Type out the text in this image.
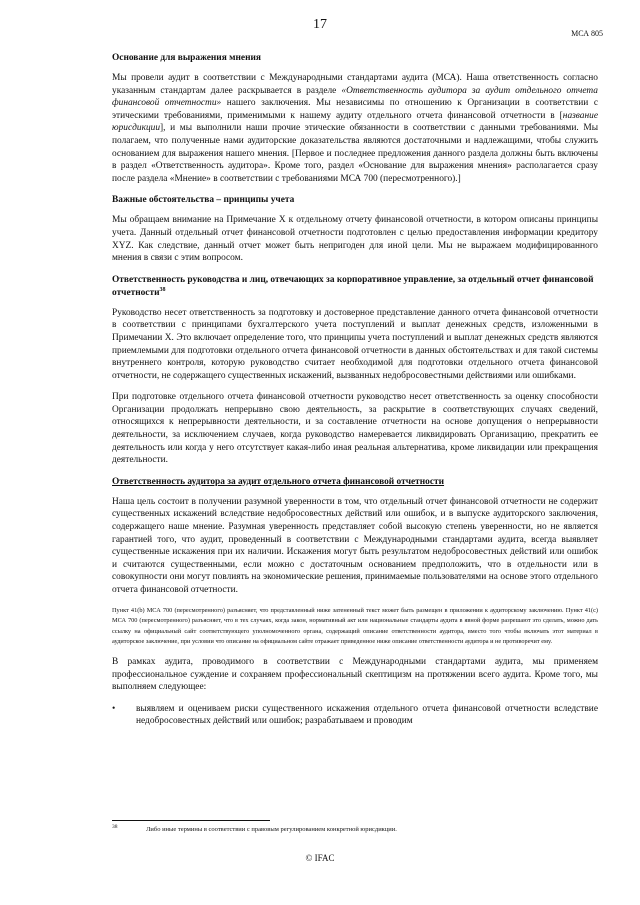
17
МСА 805
Основание для выражения мнения

Мы провели аудит в соответствии с Международными стандартами аудита (МСА). Наша ответственность согласно указанным стандартам далее раскрывается в разделе «Ответственность аудитора за аудит отдельного отчета финансовой отчетности» нашего заключения. Мы независимы по отношению к Организации в соответствии с этическими требованиями, применимыми к нашему аудиту отдельного отчета финансовой отчетности в [название юрисдикции], и мы выполнили наши прочие этические обязанности в соответствии с данными требованиями. Мы полагаем, что полученные нами аудиторские доказательства являются достаточными и надлежащими, чтобы служить основанием для выражения нашего мнения. [Первое и последнее предложения данного раздела должны быть включены в раздел «Ответственность аудитора». Кроме того, раздел «Основание для выражения мнения» располагается сразу после раздела «Мнение» в соответствии с требованиями МСА 700 (пересмотренного).]

Важные обстоятельства – принципы учета

Мы обращаем внимание на Примечание X к отдельному отчету финансовой отчетности, в котором описаны принципы учета. Данный отдельный отчет финансовой отчетности подготовлен с целью предоставления информации кредитору XYZ. Как следствие, данный отчет может быть непригоден для иной цели. Мы не выражаем модифицированного мнения в связи с этим вопросом.

Ответственность руководства и лиц, отвечающих за корпоративное управление, за отдельный отчет финансовой отчетности$^{38}$

Руководство несет ответственность за подготовку и достоверное представление данного отчета финансовой отчетности в соответствии с принципами бухгалтерского учета поступлений и выплат денежных средств, изложенными в Примечании X. Это включает определение того, что принципы учета поступлений и выплат денежных средств являются приемлемыми для подготовки отдельного отчета финансовой отчетности в данных обстоятельствах и для такой системы внутреннего контроля, которую руководство считает необходимой для подготовки отдельного отчета финансовой отчетности, не содержащего существенных искажений, вызванных недобросовестными действиями или ошибками.

При подготовке отдельного отчета финансовой отчетности руководство несет ответственность за оценку способности Организации продолжать непрерывно свою деятельность, за раскрытие в соответствующих случаях сведений, относящихся к непрерывности деятельности, и за составление отчетности на основе допущения о непрерывности деятельности, за исключением случаев, когда руководство намеревается ликвидировать Организацию, прекратить ее деятельность или когда у него отсутствует какая-либо иная реальная альтернатива, кроме ликвидации или прекращения деятельности.

Ответственность аудитора за аудит отдельного отчета финансовой отчетности

Наша цель состоит в получении разумной уверенности в том, что отдельный отчет финансовой отчетности не содержит существенных искажений вследствие недобросовестных действий или ошибок, и в выпуске аудиторского заключения, содержащего наше мнение. Разумная уверенность представляет собой высокую степень уверенности, но не является гарантией того, что аудит, проведенный в соответствии с Международными стандартами аудита, всегда выявляет существенные искажения при их наличии. Искажения могут быть результатом недобросовестных действий или ошибок и считаются существенными, если можно с достаточным основанием предположить, что в отдельности или в совокупности они могут повлиять на экономические решения, принимаемые пользователями на основе этого отдельного отчета финансовой отчетности.

Пункт 41(b) МСА 700 (пересмотренного) разъясняет, что представленный ниже затененный текст может быть размещен в приложении к аудиторскому заключению. Пункт 41(c) МСА 700 (пересмотренного) разъясняет, что в тех случаях, когда закон, нормативный акт или национальные стандарты аудита в явной форме разрешают это сделать, можно дать ссылку на официальный сайт соответствующего уполномоченного органа, содержащий описание ответственности аудитора, вместо того чтобы включать этот материал в аудиторское заключение, при условии что описание на официальном сайте отражает приведенное ниже описание ответственности аудитора и не противоречит ему.

В рамках аудита, проводимого в соответствии с Международными стандартами аудита, мы применяем профессиональное суждение и сохраняем профессиональный скептицизм на протяжении всего аудита. Кроме того, мы выполняем следующее:

• выявляем и оцениваем риски существенного искажения отдельного отчета финансовой отчетности вследствие недобросовестных действий или ошибок; разрабатываем и проводим
38	Либо иные термины в соответствии с правовым регулированием конкретной юрисдикции.
© IFAC
